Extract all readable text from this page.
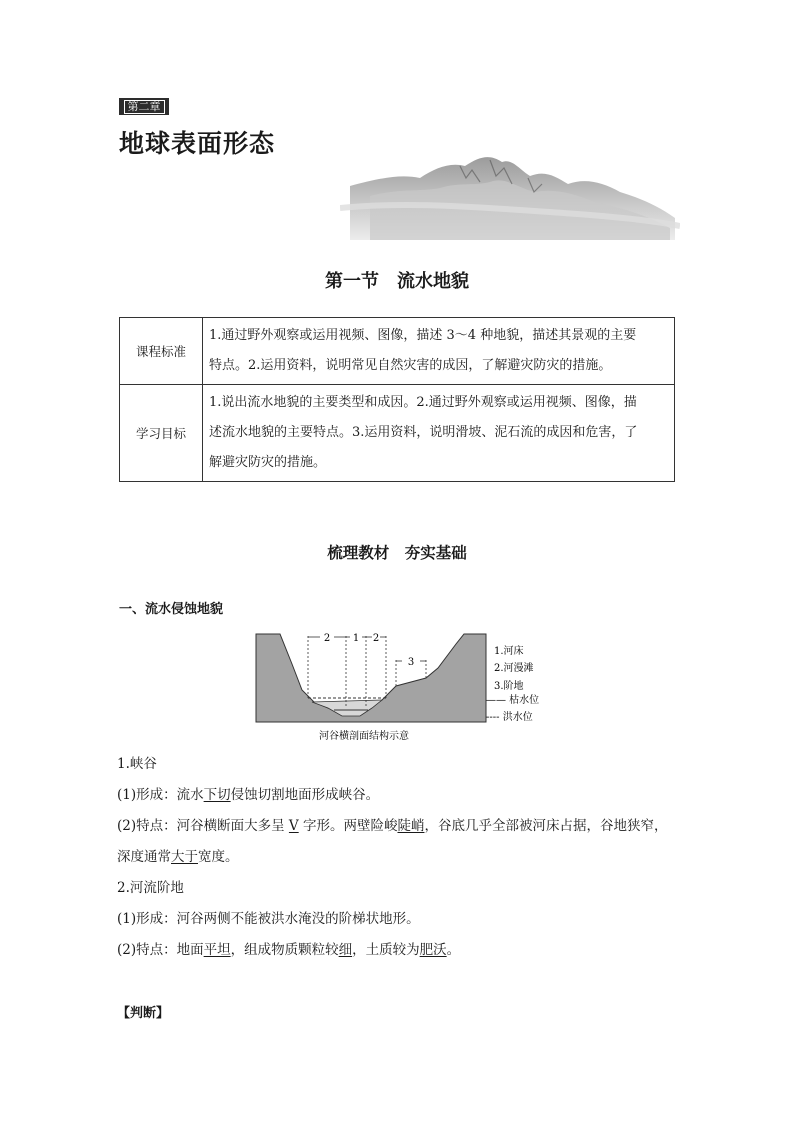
第二章
地球表面形态
第一节　流水地貌
课程标准	1.通过野外观察或运用视频、图像，描述 3～4 种地貌，描述其景观的主要
特点。2.运用资料，说明常见自然灾害的成因，了解避灾防灾的措施。

学习目标	1.说出流水地貌的主要类型和成因。2.通过野外观察或运用视频、图像，描
述流水地貌的主要特点。3.运用资料，说明滑坡、泥石流的成因和危害，了
解避灾防灾的措施。
梳理教材　夯实基础
一、流水侵蚀地貌
2 1 2
3
1.河床
2.河漫滩
3.阶地
—— 枯水位
---- 洪水位
河谷横剖面结构示意
1.峡谷
(1)形成：流水下切侵蚀切割地面形成峡谷。
(2)特点：河谷横断面大多呈 V 字形。两壁险峻陡峭，谷底几乎全部被河床占据，谷地狭窄，
深度通常大于宽度。
2.河流阶地
(1)形成：河谷两侧不能被洪水淹没的阶梯状地形。
(2)特点：地面平坦，组成物质颗粒较细，土质较为肥沃。
【判断】
